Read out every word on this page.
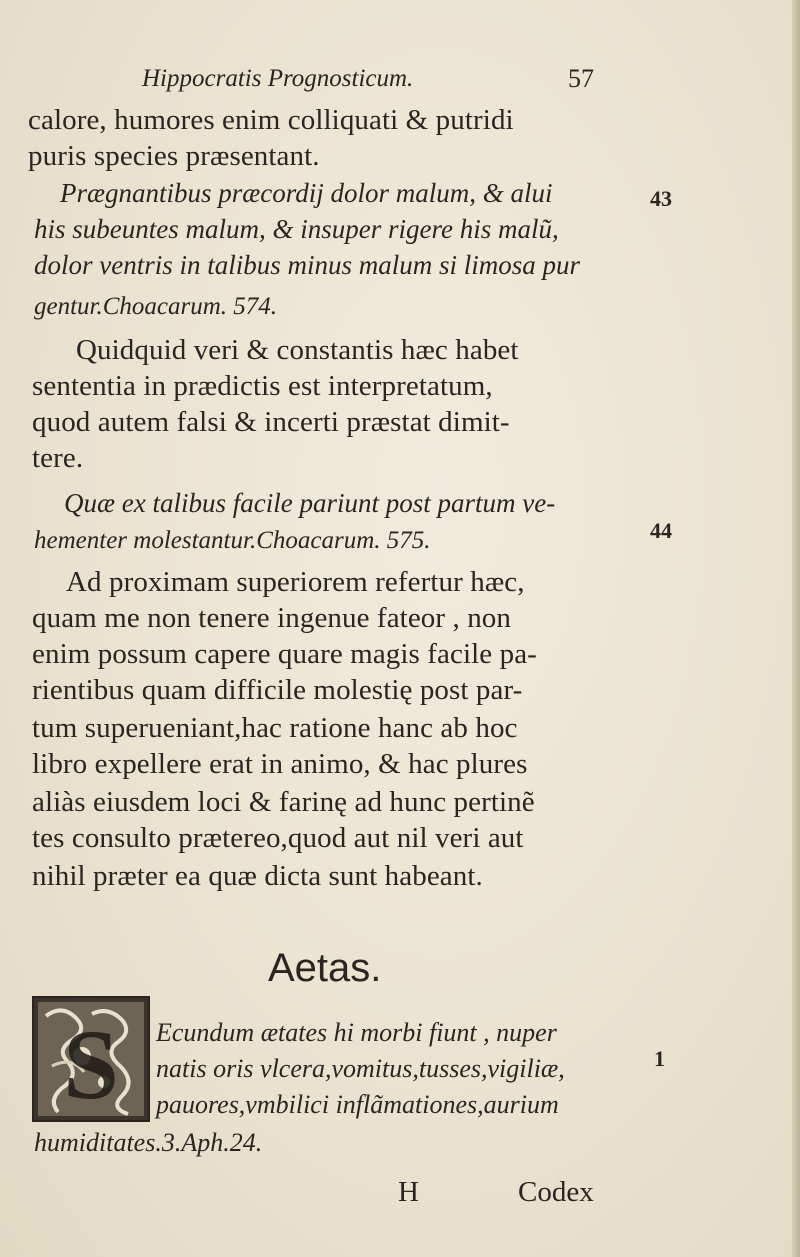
Hippocratis Prognosticum.	57
calore, humores enim colliquati & putridi
puris species præsentant.
Prægnantibus præcordij dolor malum, & alui
his subeuntes malum, & insuper rigere his malũ,
dolor ventris in talibus minus malum si limosa pur
gentur.Choacarum. 574.
Quidquid veri & constantis hæc habet
sententia in prædictis est interpretatum,
quod autem falsi & incerti præstat dimit-
tere.
Quæ ex talibus facile pariunt post partum ve-
hementer molestantur.Choacarum. 575.
Ad proximam superiorem refertur hæc,
quam me non tenere ingenue fateor , non
enim possum capere quare magis facile pa-
rientibus quam difficile molestię post par-
tum superueniant,hac ratione hanc ab hoc
libro expellere erat in animo, & hac plures
aliàs eiusdem loci & farinę ad hunc pertinẽ
tes consulto prætereo,quod aut nil veri aut
nihil præter ea quæ dicta sunt habeant.
Aetas.
S Ecundum ætates hi morbi fiunt , nuper
natis oris vlcera,vomitus,tusses,vigiliæ,
pauores,vmbilici inflãmationes,aurium
humiditates.3.Aph.24.
43
44
1
H	Codex
